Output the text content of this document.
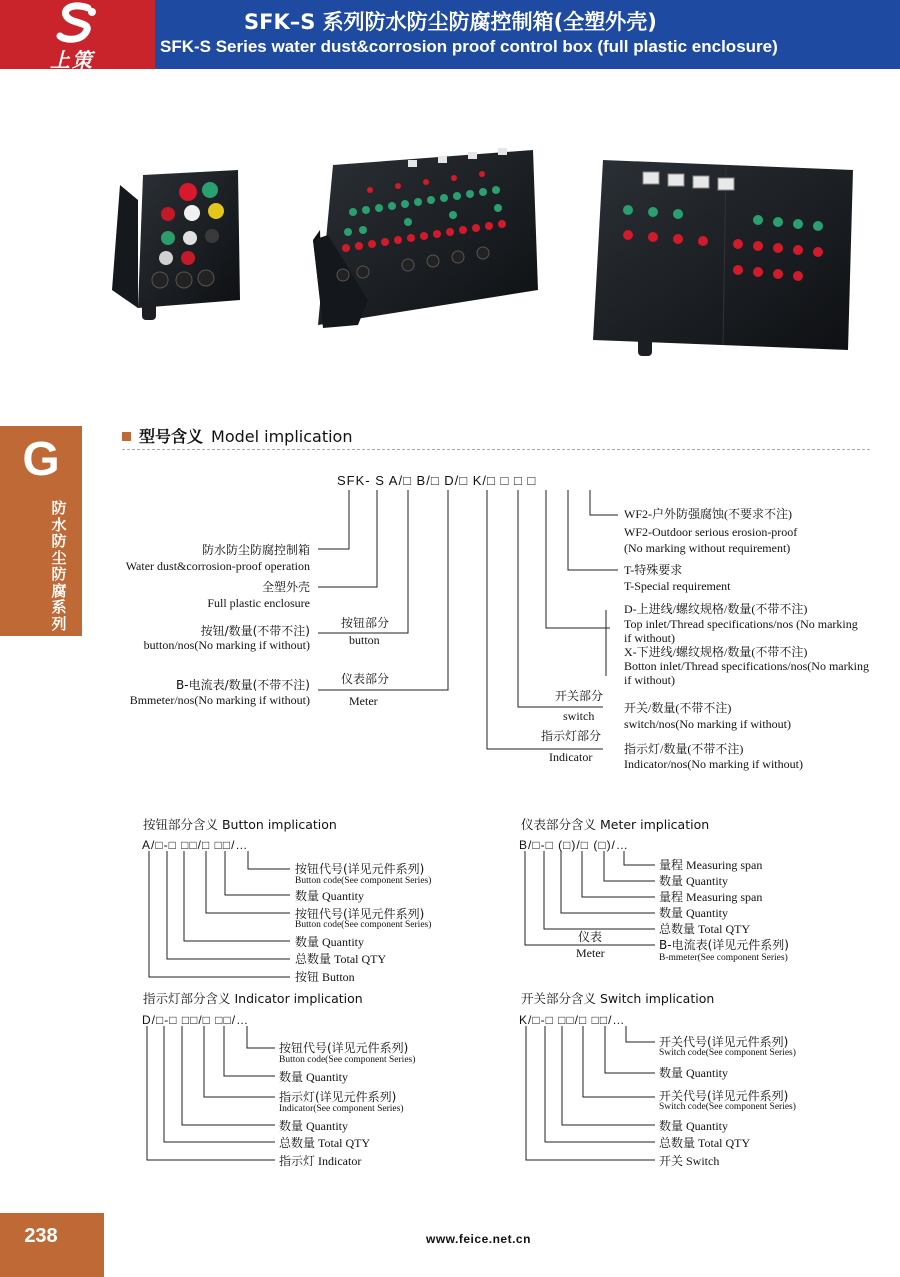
上策
SFK–S 系列防水防尘防腐控制箱(全塑外壳)
SFK-S Series water dust&corrosion proof control box (full plastic enclosure)
G
防水防尘防腐系列
型号含义 Model implication
SFK- S A/□ B/□ D/□ K/□ □ □ □
防水防尘防腐控制箱
Water dust&corrosion-proof operation
全塑外壳
Full plastic enclosure
按钮部分
button
按钮/数量(不带不注)
button/nos(No marking if without)
仪表部分
Meter
B-电流表/数量(不带不注)
Bmmeter/nos(No marking if without)	开关部分
switch
指示灯部分
Indicator
WF2-户外防强腐蚀(不要求不注)
WF2-Outdoor serious erosion-proof
(No marking without requirement)
T-特殊要求
T-Special requirement
D-上进线/螺纹规格/数量(不带不注)
Top inlet/Thread specifications/nos (No marking
if without)
X-下进线/螺纹规格/数量(不带不注)
Botton inlet/Thread specifications/nos(No marking
if without)
开关/数量(不带不注)
switch/nos(No marking if without)
指示灯/数量(不带不注)
Indicator/nos(No marking if without)
按钮部分含义 Button implication
A/□-□ □□/□ □□/…
按钮代号(详见元件系列)
Button code(See component Series)
数量 Quantity
按钮代号(详见元件系列)
Button code(See component Series)
数量 Quantity
总数量 Total QTY
按钮 Button
仪表部分含义 Meter implication
B/□-□ (□)/□ (□)/…
量程 Measuring span
数量 Quantity
量程 Measuring span
数量 Quantity
总数量 Total QTY
仪表
Meter
B-电流表(详见元件系列)
B-mmeter(See component Series)
指示灯部分含义 Indicator implication
D/□-□ □□/□ □□/…
按钮代号(详见元件系列)
Button code(See component Series)
数量 Quantity
指示灯(详见元件系列)
Indicator(See component Series)
数量 Quantity
总数量 Total QTY
指示灯 Indicator
开关部分含义 Switch implication
K/□-□ □□/□ □□/…
开关代号(详见元件系列)
Switch code(See component Series)
数量 Quantity
开关代号(详见元件系列)
Switch code(See component Series)
数量 Quantity
总数量 Total QTY
开关 Switch
238	www.feice.net.cn
